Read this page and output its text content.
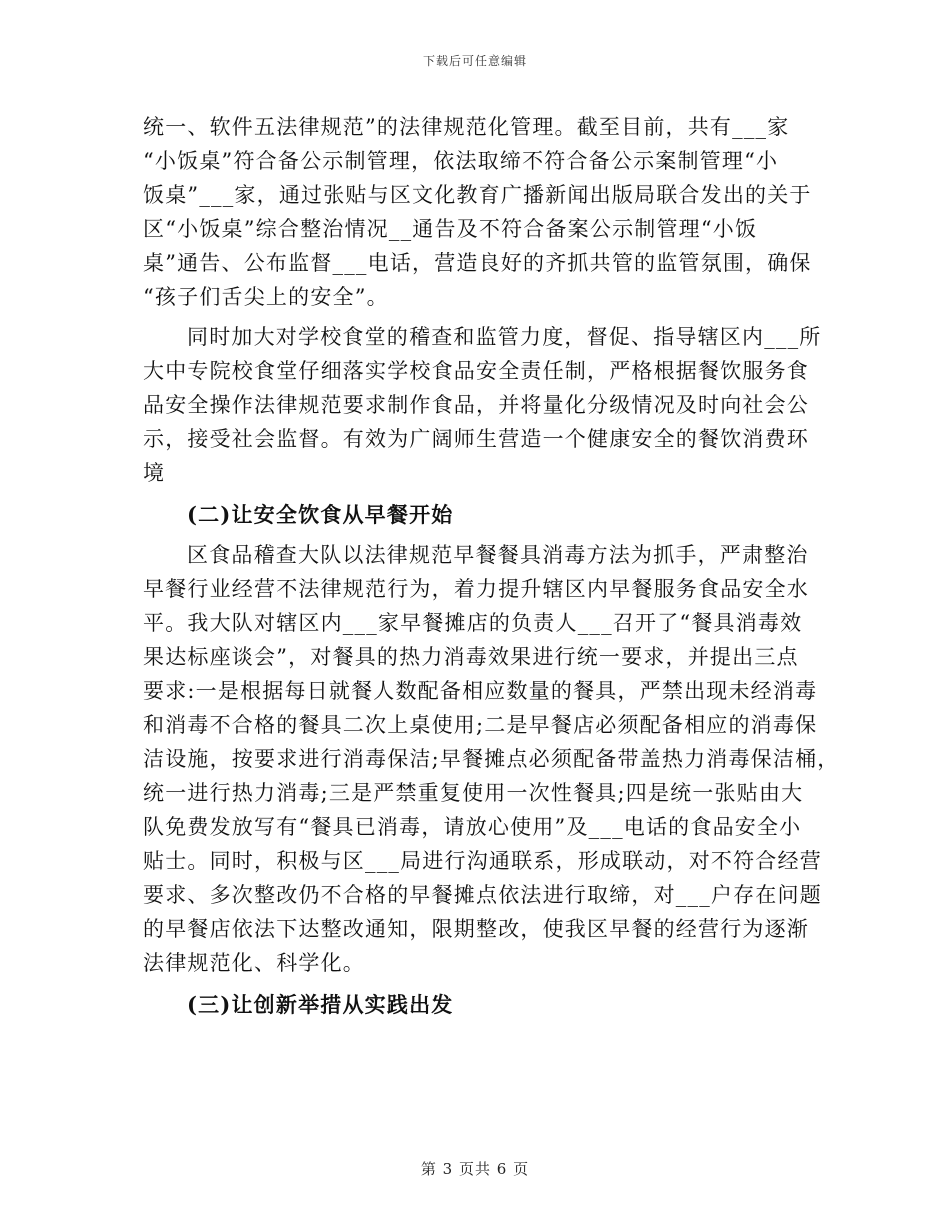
下载后可任意编辑
统一、软件五法律规范”的法律规范化管理。截至目前，共有___家
“小饭桌”符合备公示制管理，依法取缔不符合备公示案制管理“小
饭桌”___家，通过张贴与区文化教育广播新闻出版局联合发出的关于
区“小饭桌”综合整治情况__通告及不符合备案公示制管理“小饭
桌”通告、公布监督___电话，营造良好的齐抓共管的监管氛围，确保
“孩子们舌尖上的安全”。
同时加大对学校食堂的稽查和监管力度，督促、指导辖区内___所
大中专院校食堂仔细落实学校食品安全责任制，严格根据餐饮服务食
品安全操作法律规范要求制作食品，并将量化分级情况及时向社会公
示，接受社会监督。有效为广阔师生营造一个健康安全的餐饮消费环
境
(二)让安全饮食从早餐开始
区食品稽查大队以法律规范早餐餐具消毒方法为抓手，严肃整治
早餐行业经营不法律规范行为，着力提升辖区内早餐服务食品安全水
平。我大队对辖区内___家早餐摊店的负责人___召开了“餐具消毒效
果达标座谈会”，对餐具的热力消毒效果进行统一要求，并提出三点
要求:一是根据每日就餐人数配备相应数量的餐具，严禁出现未经消毒
和消毒不合格的餐具二次上桌使用;二是早餐店必须配备相应的消毒保
洁设施，按要求进行消毒保洁;早餐摊点必须配备带盖热力消毒保洁桶，
统一进行热力消毒;三是严禁重复使用一次性餐具;四是统一张贴由大
队免费发放写有“餐具已消毒，请放心使用”及___电话的食品安全小
贴士。同时，积极与区___局进行沟通联系，形成联动，对不符合经营
要求、多次整改仍不合格的早餐摊点依法进行取缔，对___户存在问题
的早餐店依法下达整改通知，限期整改，使我区早餐的经营行为逐渐
法律规范化、科学化。
(三)让创新举措从实践出发
第 3 页共 6 页
